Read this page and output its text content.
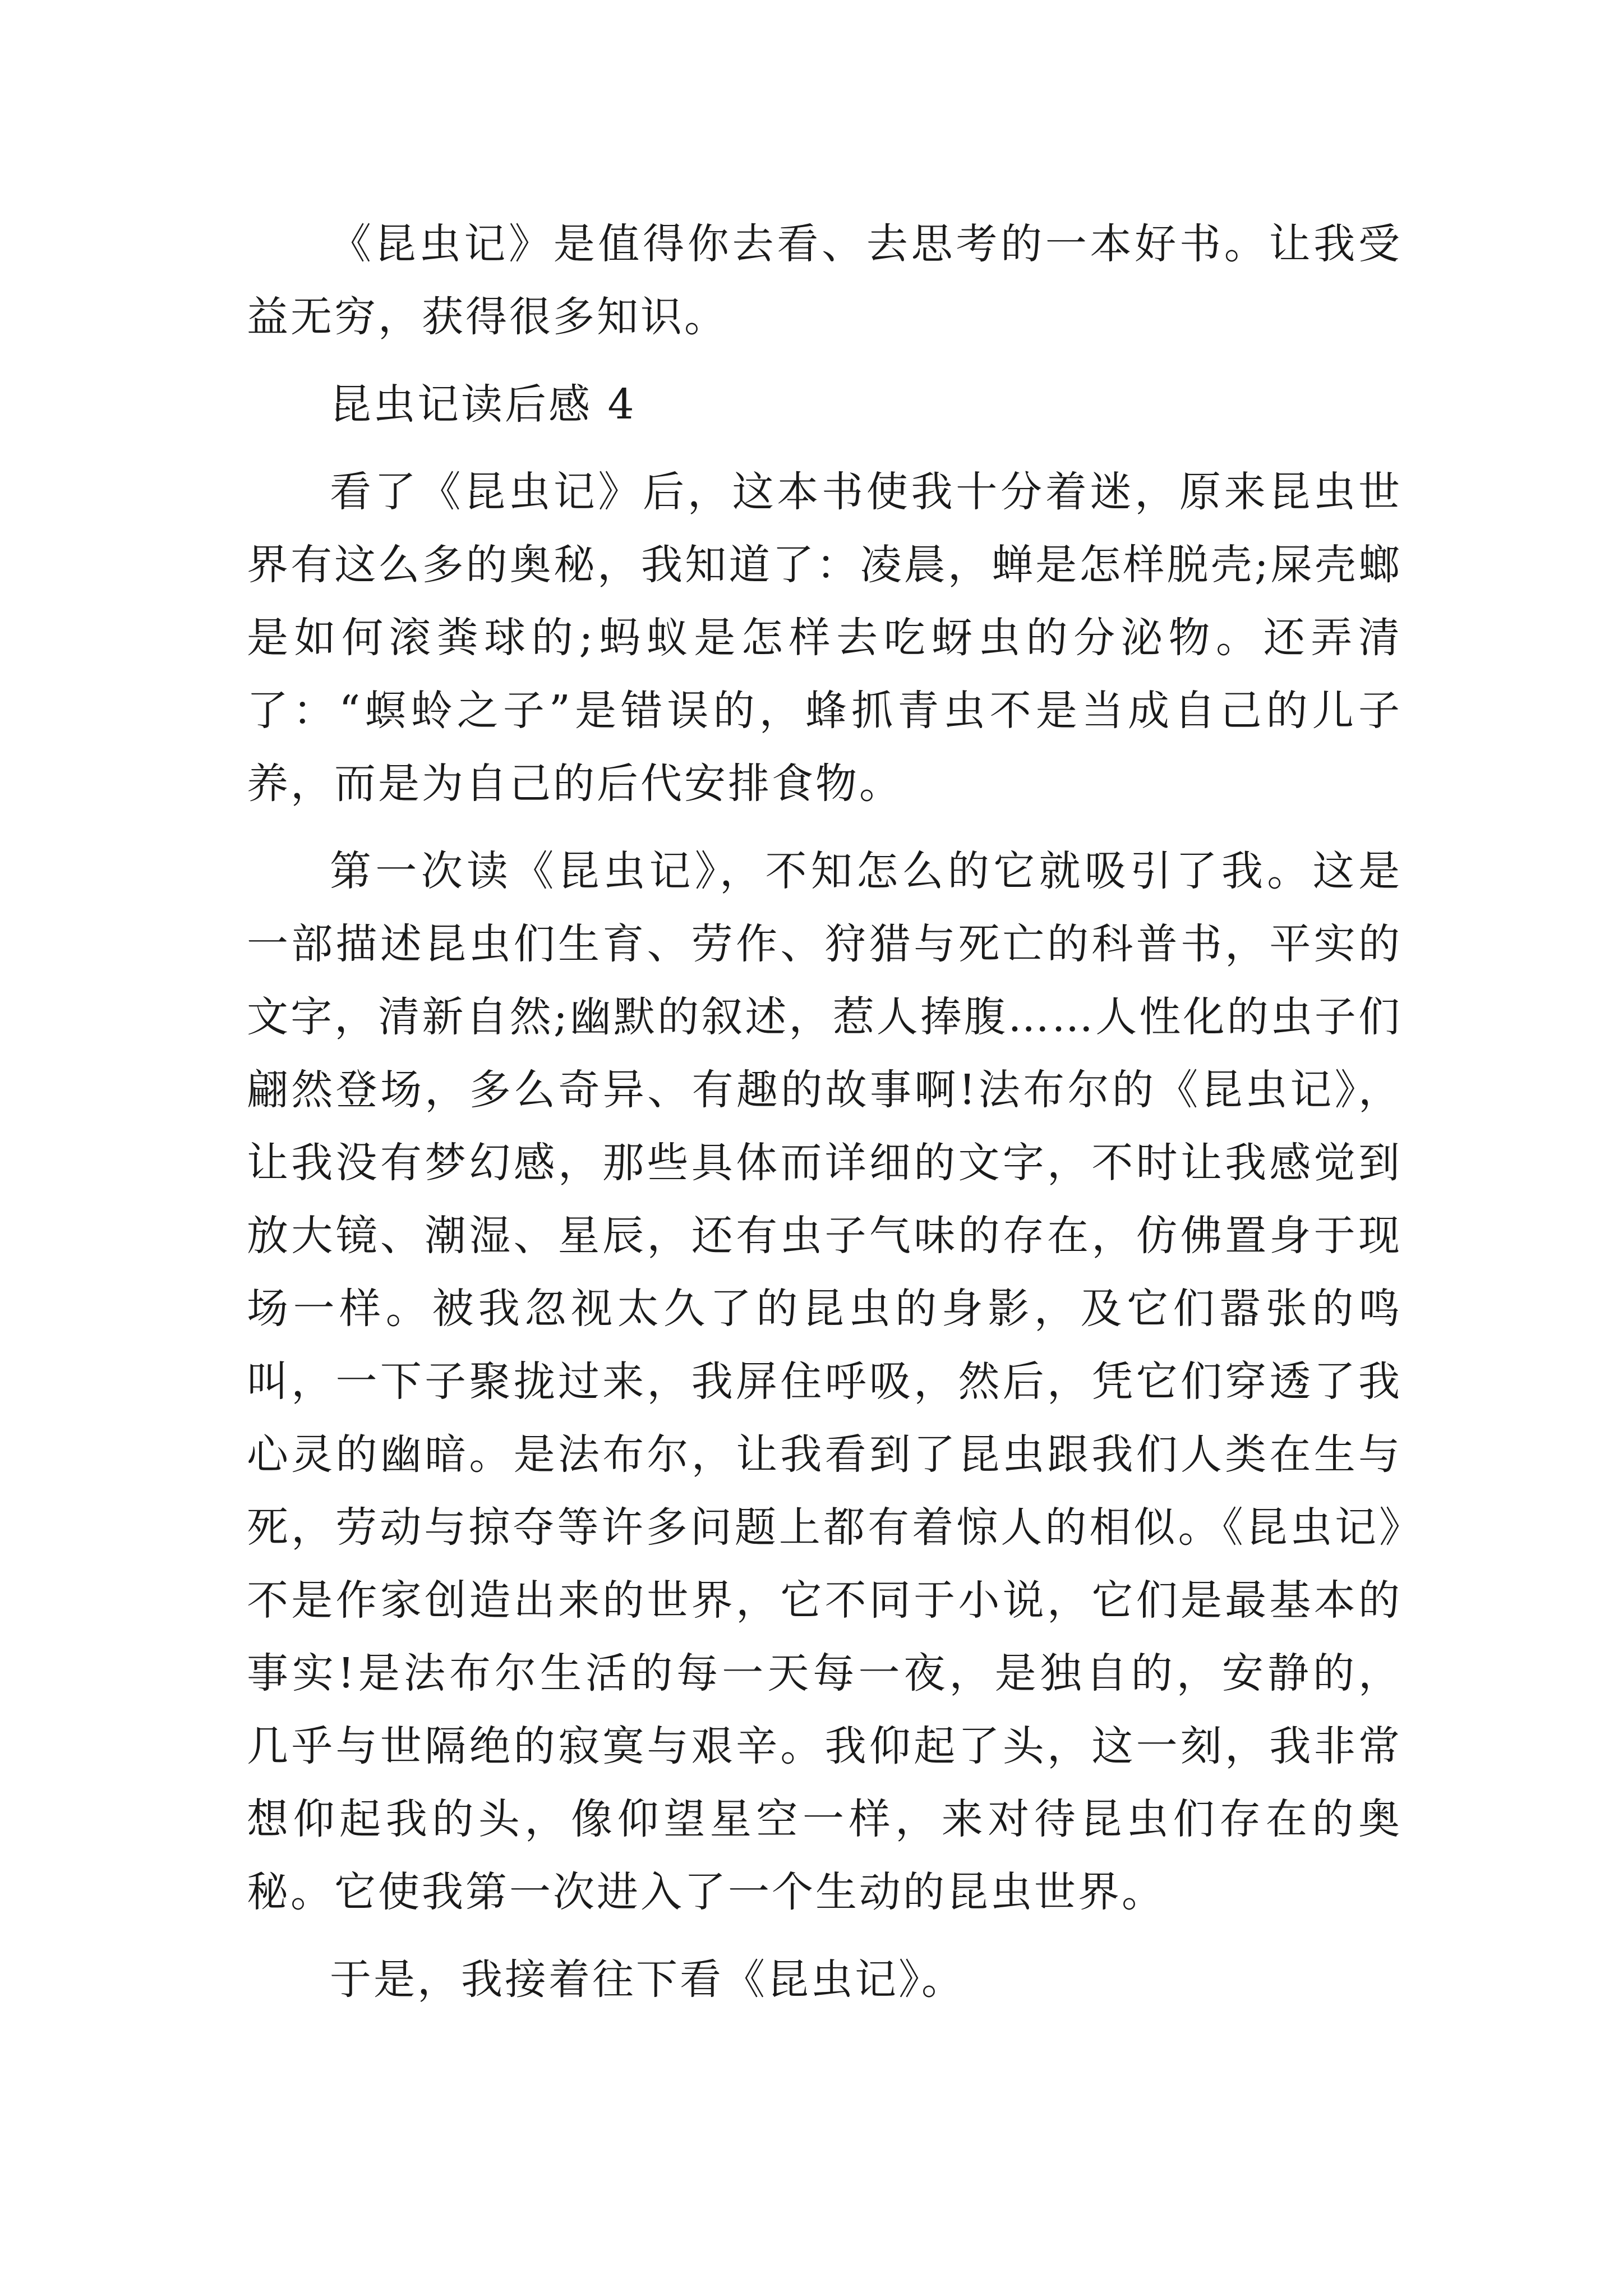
《昆虫记》是值得你去看、去思考的一本好书。让我受益无穷，获得很多知识。

昆虫记读后感 4

看了《昆虫记》后，这本书使我十分着迷，原来昆虫世界有这么多的奥秘，我知道了：凌晨，蝉是怎样脱壳;屎壳螂是如何滚粪球的;蚂蚁是怎样去吃蚜虫的分泌物。还弄清了：“螟蛉之子”是错误的，蜂抓青虫不是当成自己的儿子养，而是为自己的后代安排食物。

第一次读《昆虫记》，不知怎么的它就吸引了我。这是一部描述昆虫们生育、劳作、狩猎与死亡的科普书，平实的文字，清新自然;幽默的叙述，惹人捧腹……人性化的虫子们翩然登场，多么奇异、有趣的故事啊!法布尔的《昆虫记》，让我没有梦幻感，那些具体而详细的文字，不时让我感觉到放大镜、潮湿、星辰，还有虫子气味的存在，仿佛置身于现场一样。被我忽视太久了的昆虫的身影，及它们嚣张的鸣叫，一下子聚拢过来，我屏住呼吸，然后，凭它们穿透了我心灵的幽暗。是法布尔，让我看到了昆虫跟我们人类在生与死，劳动与掠夺等许多问题上都有着惊人的相似。《昆虫记》不是作家创造出来的世界，它不同于小说，它们是最基本的事实!是法布尔生活的每一天每一夜，是独自的，安静的，几乎与世隔绝的寂寞与艰辛。我仰起了头，这一刻，我非常想仰起我的头，像仰望星空一样，来对待昆虫们存在的奥秘。它使我第一次进入了一个生动的昆虫世界。

于是，我接着往下看《昆虫记》。
